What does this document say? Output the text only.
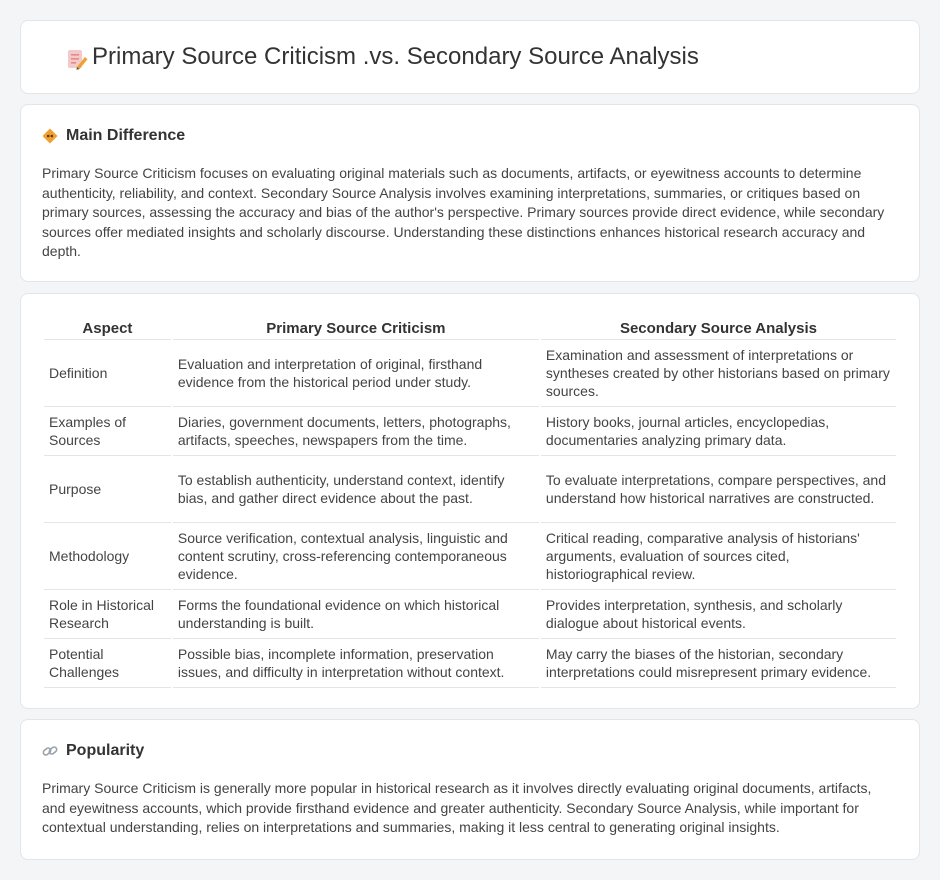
Primary Source Criticism .vs. Secondary Source Analysis
Main Difference

Primary Source Criticism focuses on evaluating original materials such as documents, artifacts, or eyewitness accounts to determine authenticity, reliability, and context. Secondary Source Analysis involves examining interpretations, summaries, or critiques based on primary sources, assessing the accuracy and bias of the author's perspective. Primary sources provide direct evidence, while secondary sources offer mediated insights and scholarly discourse. Understanding these distinctions enhances historical research accuracy and depth.

Aspect	Primary Source Criticism	Secondary Source Analysis
Definition	Evaluation and interpretation of original, firsthand evidence from the historical period under study.	Examination and assessment of interpretations or syntheses created by other historians based on primary sources.
Examples of Sources	Diaries, government documents, letters, photographs, artifacts, speeches, newspapers from the time.	History books, journal articles, encyclopedias, documentaries analyzing primary data.
Purpose	To establish authenticity, understand context, identify bias, and gather direct evidence about the past.	To evaluate interpretations, compare perspectives, and understand how historical narratives are constructed.
Methodology	Source verification, contextual analysis, linguistic and content scrutiny, cross-referencing contemporaneous evidence.	Critical reading, comparative analysis of historians' arguments, evaluation of sources cited, historiographical review.
Role in Historical Research	Forms the foundational evidence on which historical understanding is built.	Provides interpretation, synthesis, and scholarly dialogue about historical events.
Potential Challenges	Possible bias, incomplete information, preservation issues, and difficulty in interpretation without context.	May carry the biases of the historian, secondary interpretations could misrepresent primary evidence.
Popularity

Primary Source Criticism is generally more popular in historical research as it involves directly evaluating original documents, artifacts, and eyewitness accounts, which provide firsthand evidence and greater authenticity. Secondary Source Analysis, while important for contextual understanding, relies on interpretations and summaries, making it less central to generating original insights.
